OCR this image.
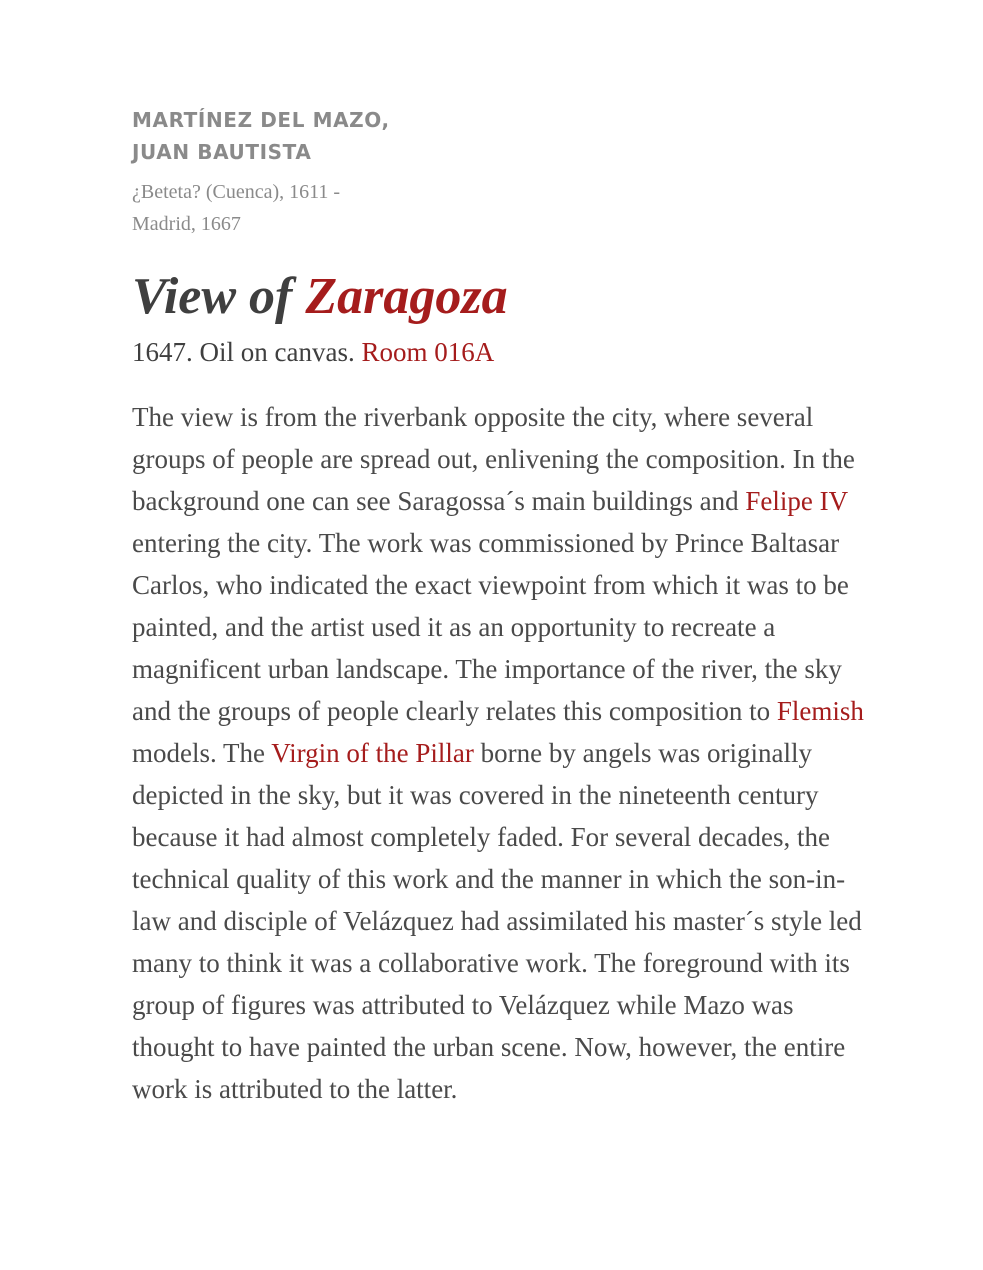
MARTÍNEZ DEL MAZO,
JUAN BAUTISTA

¿Beteta? (Cuenca), 1611 -
Madrid, 1667

View of Zaragoza

1647. Oil on canvas. Room 016A

The view is from the riverbank opposite the city, where several groups of people are spread out, enlivening the composition. In the background one can see Saragossa´s main buildings and Felipe IV entering the city. The work was commissioned by Prince Baltasar Carlos, who indicated the exact viewpoint from which it was to be painted, and the artist used it as an opportunity to recreate a magnificent urban landscape. The importance of the river, the sky and the groups of people clearly relates this composition to Flemish models. The Virgin of the Pillar borne by angels was originally depicted in the sky, but it was covered in the nineteenth century because it had almost completely faded. For several decades, the technical quality of this work and the manner in which the son-in-law and disciple of Velázquez had assimilated his master´s style led many to think it was a collaborative work. The foreground with its group of figures was attributed to Velázquez while Mazo was thought to have painted the urban scene. Now, however, the entire work is attributed to the latter.
